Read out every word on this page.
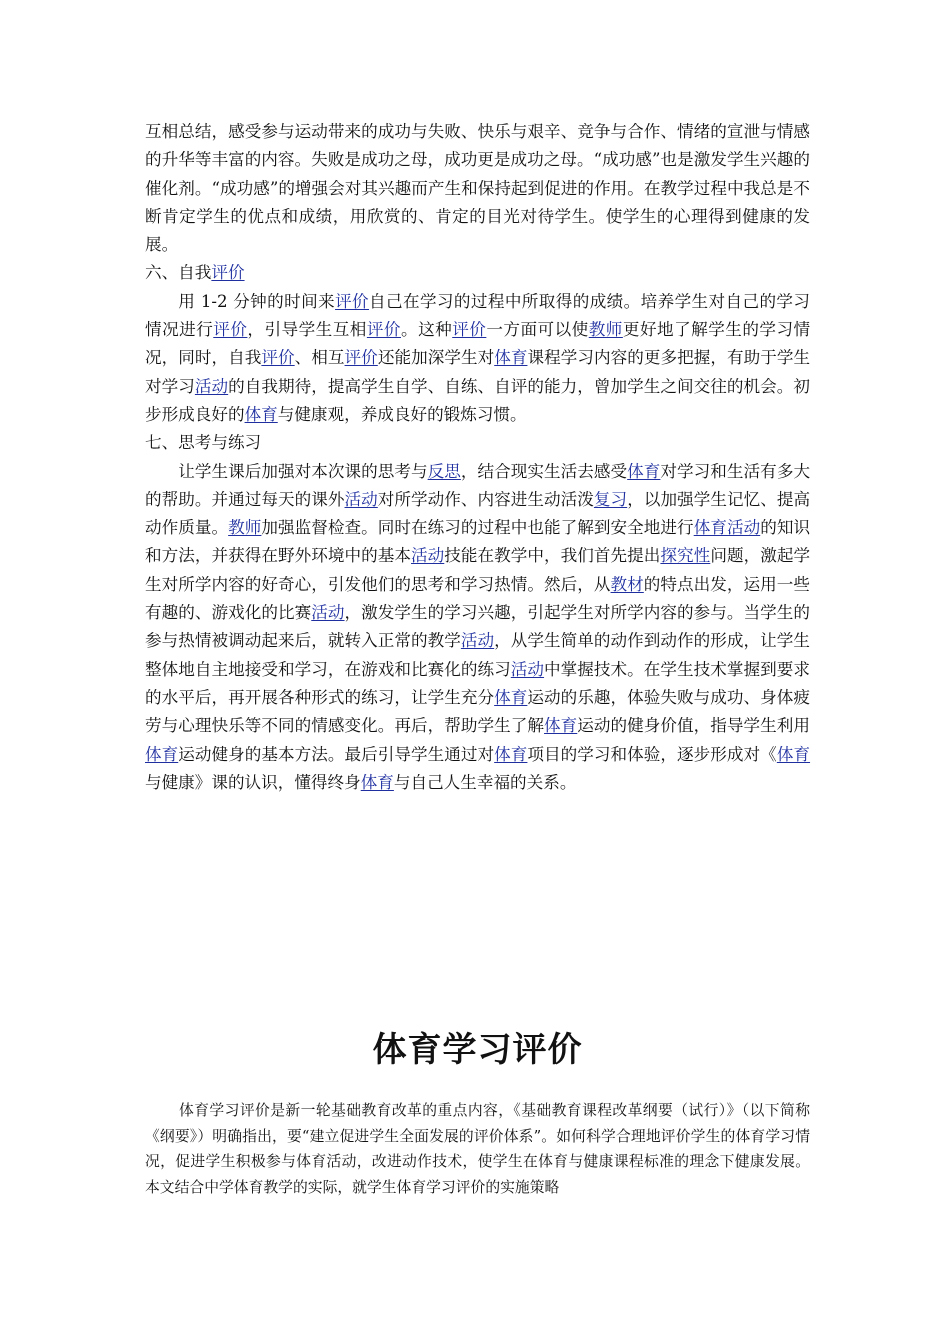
互相总结，感受参与运动带来的成功与失败、快乐与艰辛、竞争与合作、情绪的宣泄与情感的升华等丰富的内容。失败是成功之母，成功更是成功之母。“成功感”也是激发学生兴趣的催化剂。“成功感”的增强会对其兴趣而产生和保持起到促进的作用。在教学过程中我总是不断肯定学生的优点和成绩，用欣赏的、肯定的目光对待学生。使学生的心理得到健康的发展。

六、自我评价

用 1-2 分钟的时间来评价自己在学习的过程中所取得的成绩。培养学生对自己的学习情况进行评价，引导学生互相评价。这种评价一方面可以使教师更好地了解学生的学习情况，同时，自我评价、相互评价还能加深学生对体育课程学习内容的更多把握，有助于学生对学习活动的自我期待，提高学生自学、自练、自评的能力，曾加学生之间交往的机会。初步形成良好的体育与健康观，养成良好的锻炼习惯。

七、思考与练习

让学生课后加强对本次课的思考与反思，结合现实生活去感受体育对学习和生活有多大的帮助。并通过每天的课外活动对所学动作、内容进生动活泼复习，以加强学生记忆、提高动作质量。教师加强监督检查。同时在练习的过程中也能了解到安全地进行体育活动的知识和方法，并获得在野外环境中的基本活动技能在教学中，我们首先提出探究性问题，激起学生对所学内容的好奇心，引发他们的思考和学习热情。然后，从教材的特点出发，运用一些有趣的、游戏化的比赛活动，激发学生的学习兴趣，引起学生对所学内容的参与。当学生的参与热情被调动起来后，就转入正常的教学活动，从学生简单的动作到动作的形成，让学生整体地自主地接受和学习，在游戏和比赛化的练习活动中掌握技术。在学生技术掌握到要求的水平后，再开展各种形式的练习，让学生充分体育运动的乐趣，体验失败与成功、身体疲劳与心理快乐等不同的情感变化。再后，帮助学生了解体育运动的健身价值，指导学生利用体育运动健身的基本方法。最后引导学生通过对体育项目的学习和体验，逐步形成对《体育与健康》课的认识，懂得终身体育与自己人生幸福的关系。

体育学习评价

体育学习评价是新一轮基础教育改革的重点内容，《基础教育课程改革纲要（试行）》（以下简称《纲要》）明确指出，要“建立促进学生全面发展的评价体系”。如何科学合理地评价学生的体育学习情况，促进学生积极参与体育活动，改进动作技术，使学生在体育与健康课程标准的理念下健康发展。本文结合中学体育教学的实际，就学生体育学习评价的实施策略
